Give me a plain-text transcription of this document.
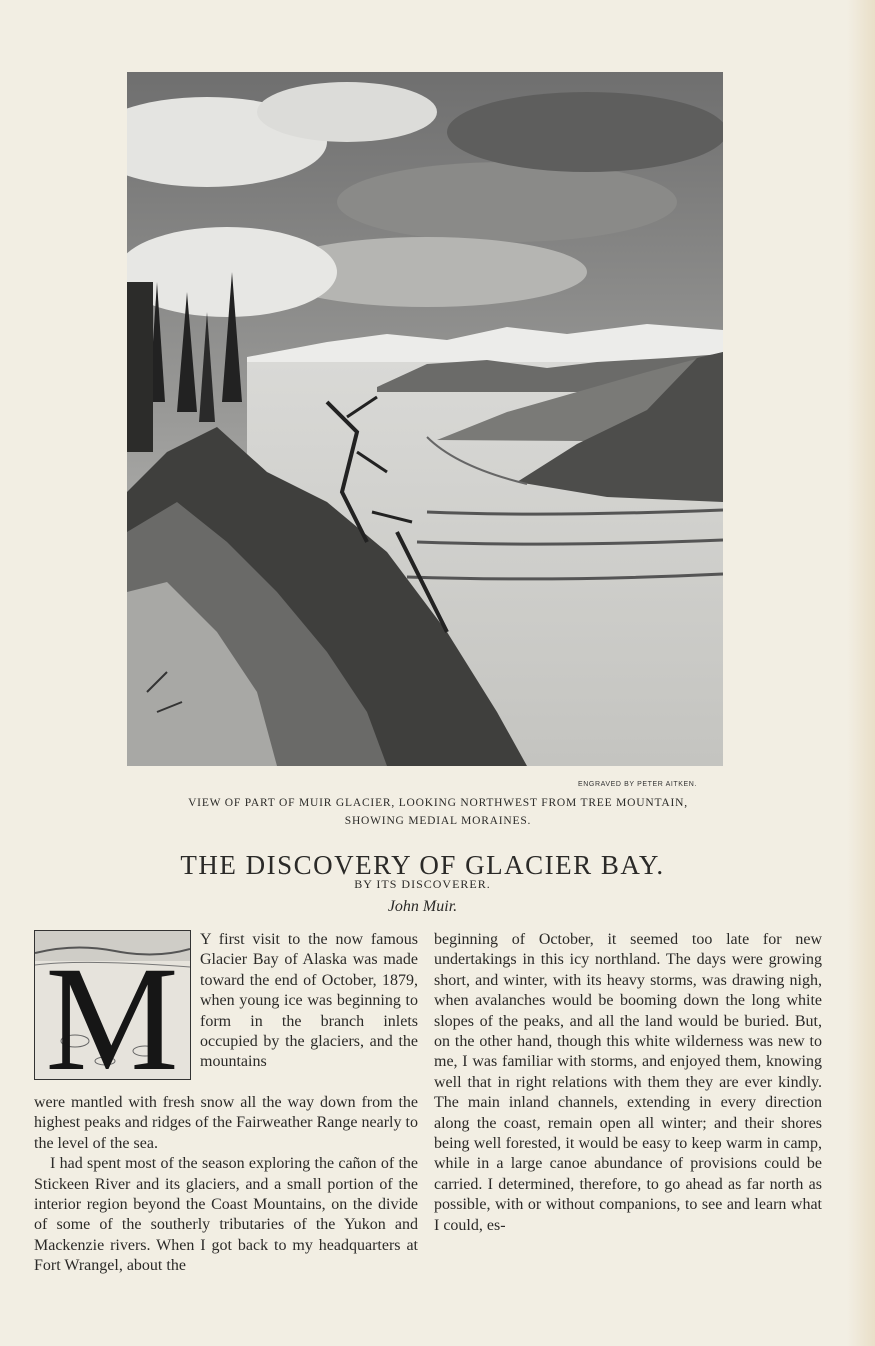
ENGRAVED BY PETER AITKEN.
VIEW OF PART OF MUIR GLACIER, LOOKING NORTHWEST FROM TREE MOUNTAIN,
SHOWING MEDIAL MORAINES.
THE DISCOVERY OF GLACIER BAY.
BY ITS DISCOVERER.
John Muir.
M Y first visit to the now famous Glacier Bay of Alaska was made toward the end of October, 1879, when young ice was beginning to form in the branch inlets occupied by the glaciers, and the mountains

were mantled with fresh snow all the way down from the highest peaks and ridges of the Fairweather Range nearly to the level of the sea.

I had spent most of the season exploring the cañon of the Stickeen River and its glaciers, and a small portion of the interior region beyond the Coast Mountains, on the divide of some of the southerly tributaries of the Yukon and Mackenzie rivers. When I got back to my headquarters at Fort Wrangel, about the

beginning of October, it seemed too late for new undertakings in this icy northland. The days were growing short, and winter, with its heavy storms, was drawing nigh, when avalanches would be booming down the long white slopes of the peaks, and all the land would be buried. But, on the other hand, though this white wilderness was new to me, I was familiar with storms, and enjoyed them, knowing well that in right relations with them they are ever kindly. The main inland channels, extending in every direction along the coast, remain open all winter; and their shores being well forested, it would be easy to keep warm in camp, while in a large canoe abundance of provisions could be carried. I determined, therefore, to go ahead as far north as possible, with or without companions, to see and learn what I could, es-
